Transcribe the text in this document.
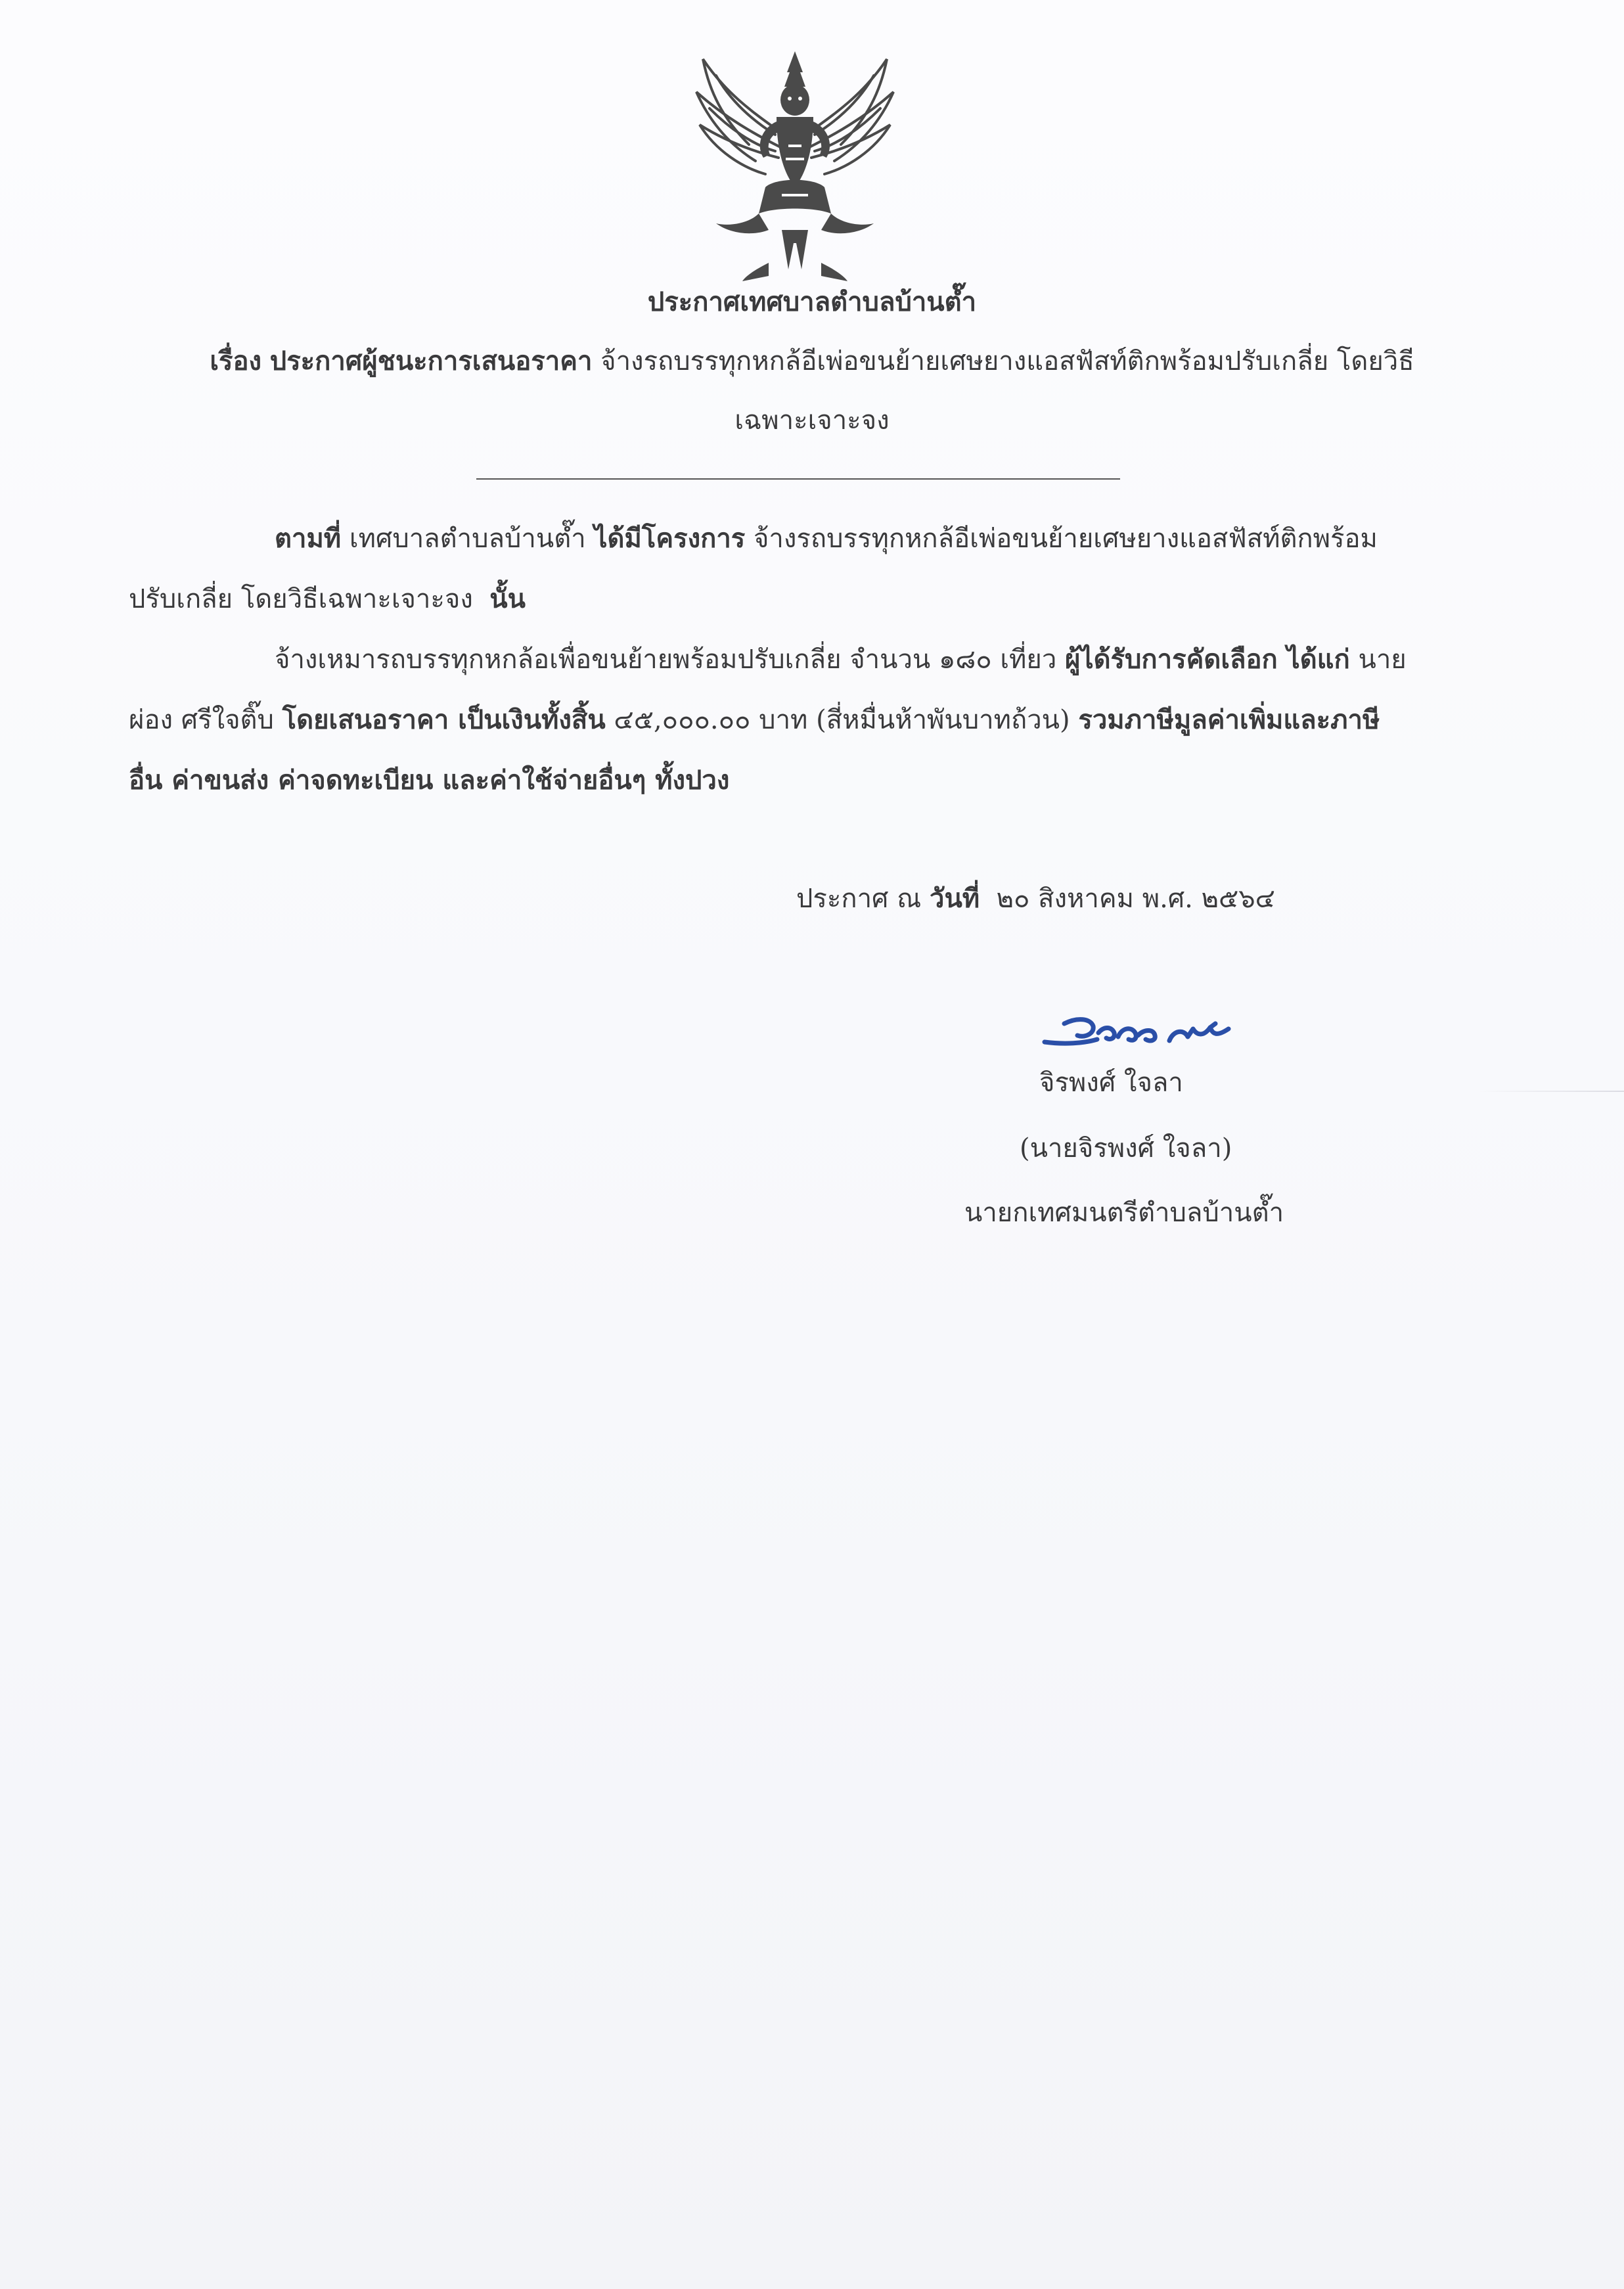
ประกาศเทศบาลตำบลบ้านต๊ำ
เรื่อง ประกาศผู้ชนะการเสนอราคา จ้างรถบรรทุกหกล้อีเพ่อขนย้ายเศษยางแอสฟัสท์ติกพร้อมปรับเกลี่ย โดยวิธี
เฉพาะเจาะจง
ตามที่ เทศบาลตำบลบ้านต๊ำ ได้มีโครงการ จ้างรถบรรทุกหกล้อีเพ่อขนย้ายเศษยางแอสฟัสท์ติกพร้อม
ปรับเกลี่ย โดยวิธีเฉพาะเจาะจง นั้น
จ้างเหมารถบรรทุกหกล้อเพื่อขนย้ายพร้อมปรับเกลี่ย จำนวน ๑๘๐ เที่ยว ผู้ได้รับการคัดเลือก ได้แก่ นาย
ผ่อง ศรีใจติ๊บ โดยเสนอราคา เป็นเงินทั้งสิ้น ๔๕,๐๐๐.๐๐ บาท (สี่หมื่นห้าพันบาทถ้วน) รวมภาษีมูลค่าเพิ่มและภาษี
อื่น ค่าขนส่ง ค่าจดทะเบียน และค่าใช้จ่ายอื่นๆ ทั้งปวง
ประกาศ ณ วันที่ ๒๐ สิงหาคม พ.ศ. ๒๕๖๔
จิรพงศ์ ใจลา
(นายจิรพงศ์ ใจลา)
นายกเทศมนตรีตำบลบ้านต๊ำ
